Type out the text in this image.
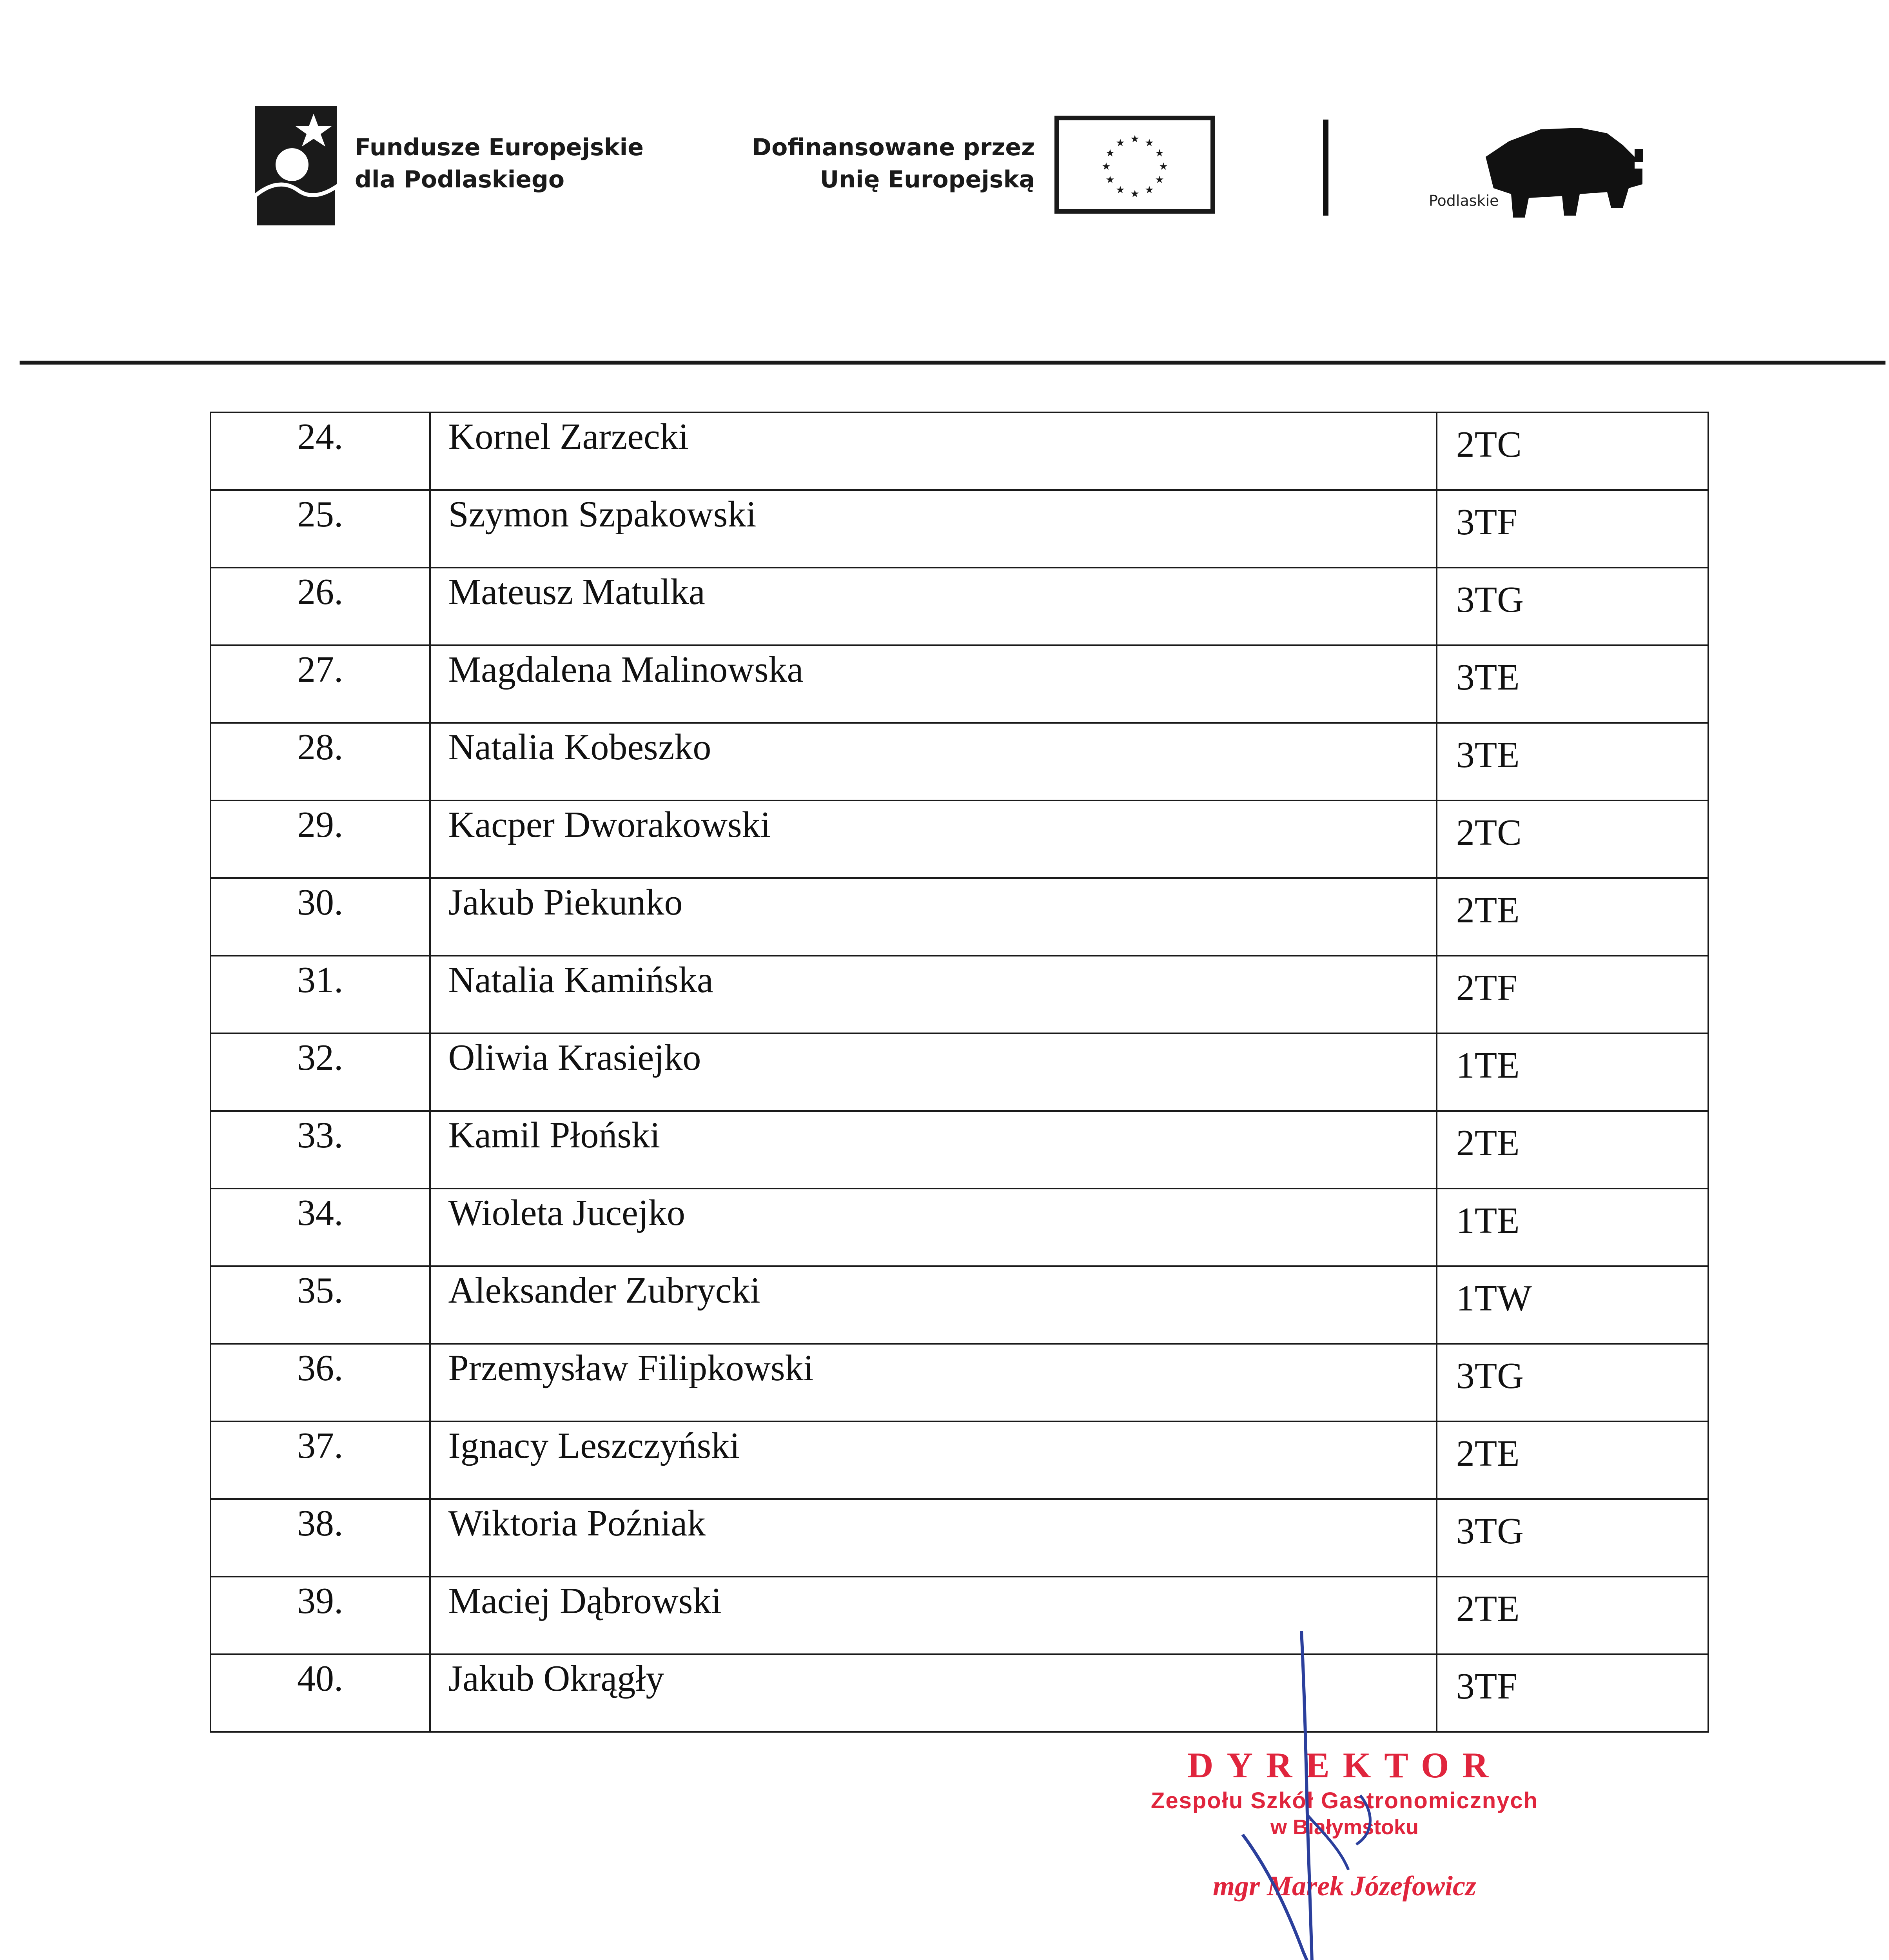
Fundusze Europejskie
dla Podlaskiego
Dofinansowane przez
Unię Europejską
★ ★
★
★
★
★
★
★
★
★
★
★
Podlaskie
24.	Kornel Zarzecki	2TC
25.	Szymon Szpakowski	3TF
26.	Mateusz Matulka	3TG
27.	Magdalena Malinowska	3TE
28.	Natalia Kobeszko	3TE
29.	Kacper Dworakowski	2TC
30.	Jakub Piekunko	2TE
31.	Natalia Kamińska	2TF
32.	Oliwia Krasiejko	1TE
33.	Kamil Płoński	2TE
34.	Wioleta Jucejko	1TE
35.	Aleksander Zubrycki	1TW
36.	Przemysław Filipkowski	3TG
37.	Ignacy Leszczyński	2TE
38.	Wiktoria Poźniak	3TG
39.	Maciej Dąbrowski	2TE
40.	Jakub Okrągły	3TF
DYREKTOR
Zespołu Szkół Gastronomicznych
w Białymstoku
mgr Marek Józefowicz
